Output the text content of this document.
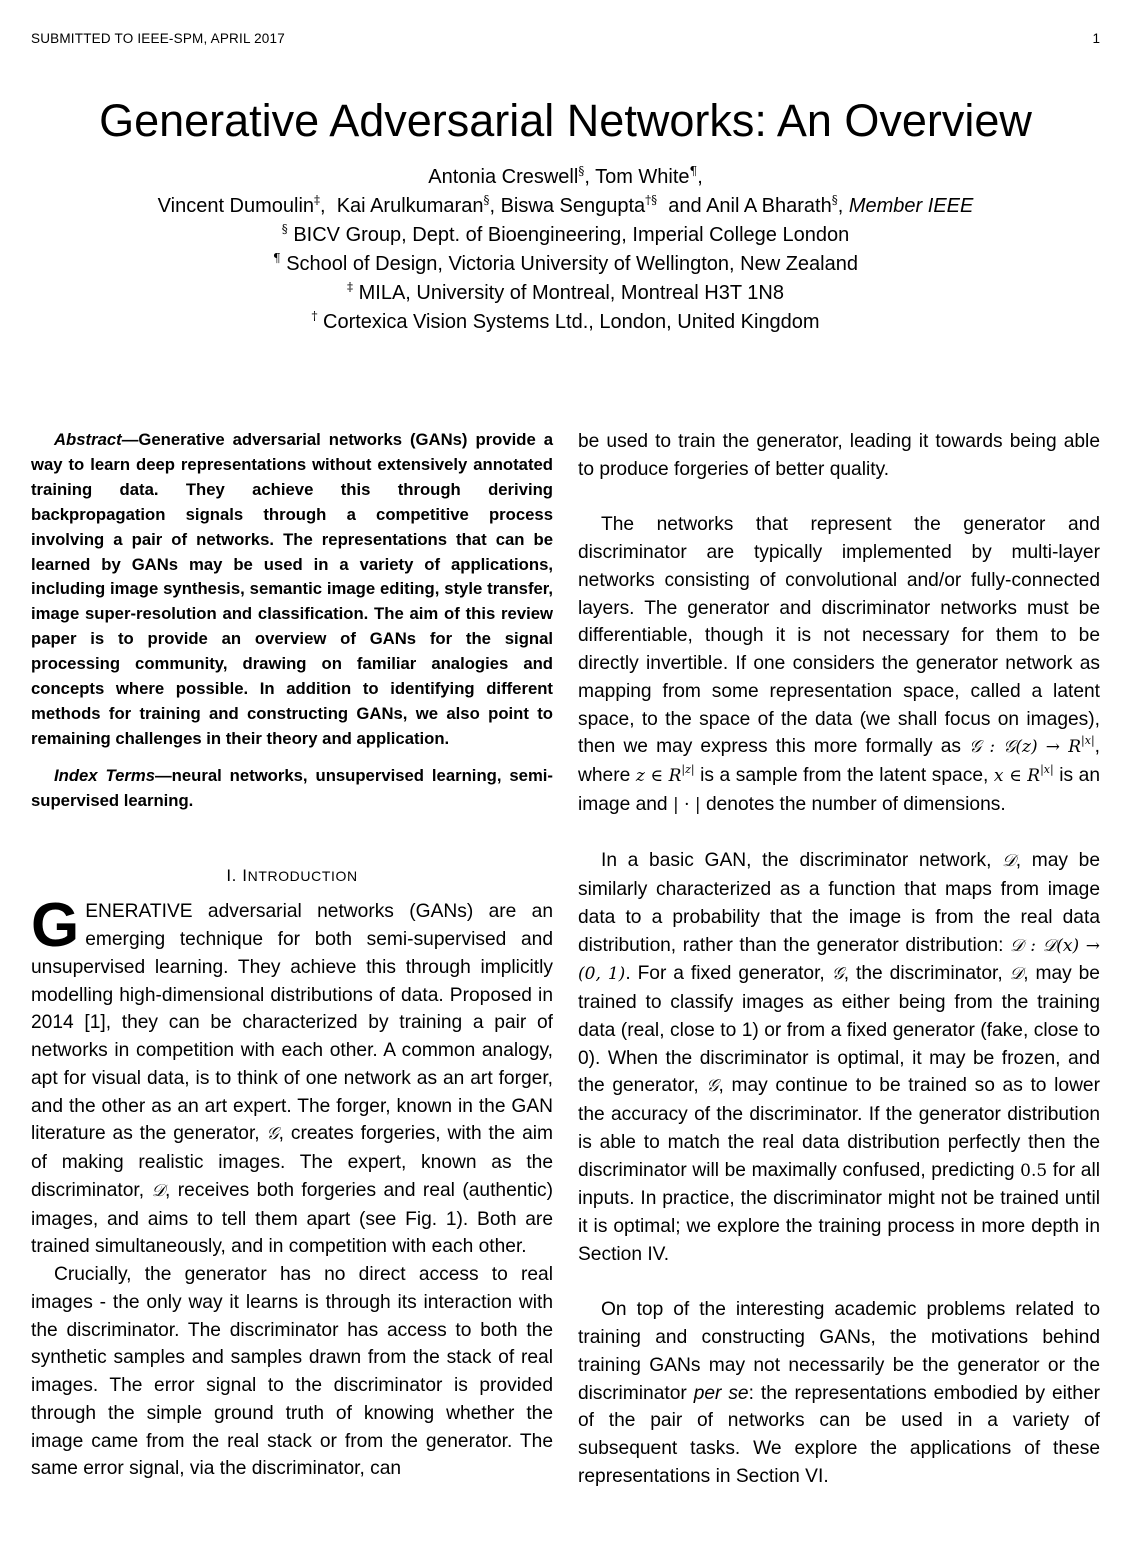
SUBMITTED TO IEEE-SPM, APRIL 2017	1
Generative Adversarial Networks: An Overview
Antonia Creswell§, Tom White¶,
Vincent Dumoulin‡,  Kai Arulkumaran§, Biswa Sengupta†§ and Anil A Bharath§, Member IEEE
§ BICV Group, Dept. of Bioengineering, Imperial College London
¶ School of Design, Victoria University of Wellington, New Zealand
‡ MILA, University of Montreal, Montreal H3T 1N8
† Cortexica Vision Systems Ltd., London, United Kingdom

Abstract—Generative adversarial networks (GANs) provide a way to learn deep representations without extensively annotated training data. They achieve this through deriving backpropagation signals through a competitive process involving a pair of networks. The representations that can be learned by GANs may be used in a variety of applications, including image synthesis, semantic image editing, style transfer, image super-resolution and classification. The aim of this review paper is to provide an overview of GANs for the signal processing community, drawing on familiar analogies and concepts where possible. In addition to identifying different methods for training and constructing GANs, we also point to remaining challenges in their theory and application.

Index Terms—neural networks, unsupervised learning, semi-supervised learning.

I. INTRODUCTION

GENERATIVE adversarial networks (GANs) are an emerging technique for both semi-supervised and unsupervised learning. They achieve this through implicitly modelling high-dimensional distributions of data. Proposed in 2014 [1], they can be characterized by training a pair of networks in competition with each other. A common analogy, apt for visual data, is to think of one network as an art forger, and the other as an art expert. The forger, known in the GAN literature as the generator, 𝒢, creates forgeries, with the aim of making realistic images. The expert, known as the discriminator, 𝒟, receives both forgeries and real (authentic) images, and aims to tell them apart (see Fig. 1). Both are trained simultaneously, and in competition with each other.

Crucially, the generator has no direct access to real images - the only way it learns is through its interaction with the discriminator. The discriminator has access to both the synthetic samples and samples drawn from the stack of real images. The error signal to the discriminator is provided through the simple ground truth of knowing whether the image came from the real stack or from the generator. The same error signal, via the discriminator, can

be used to train the generator, leading it towards being able to produce forgeries of better quality.

The networks that represent the generator and discriminator are typically implemented by multi-layer networks consisting of convolutional and/or fully-connected layers. The generator and discriminator networks must be differentiable, though it is not necessary for them to be directly invertible. If one considers the generator network as mapping from some representation space, called a latent space, to the space of the data (we shall focus on images), then we may express this more formally as 𝒢 : 𝒢(z) → $R^{|x|}$, where z ∈ $R^{|z|}$ is a sample from the latent space, x ∈ $R^{|x|}$ is an image and | · | denotes the number of dimensions.

In a basic GAN, the discriminator network, 𝒟, may be similarly characterized as a function that maps from image data to a probability that the image is from the real data distribution, rather than the generator distribution: 𝒟 : 𝒟(x) → (0, 1). For a fixed generator, 𝒢, the discriminator, 𝒟, may be trained to classify images as either being from the training data (real, close to 1) or from a fixed generator (fake, close to 0). When the discriminator is optimal, it may be frozen, and the generator, 𝒢, may continue to be trained so as to lower the accuracy of the discriminator. If the generator distribution is able to match the real data distribution perfectly then the discriminator will be maximally confused, predicting 0.5 for all inputs. In practice, the discriminator might not be trained until it is optimal; we explore the training process in more depth in Section IV.

On top of the interesting academic problems related to training and constructing GANs, the motivations behind training GANs may not necessarily be the generator or the discriminator per se: the representations embodied by either of the pair of networks can be used in a variety of subsequent tasks. We explore the applications of these representations in Section VI.
